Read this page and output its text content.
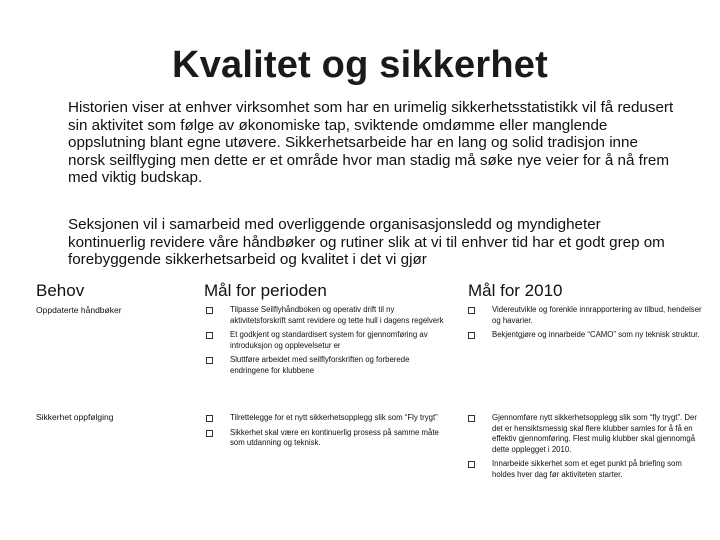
Kvalitet og sikkerhet
Historien viser at enhver virksomhet som har en urimelig sikkerhetsstatistikk vil få redusert sin aktivitet som følge av økonomiske tap, sviktende omdømme eller manglende oppslutning blant egne utøvere. Sikkerhetsarbeide har en lang og solid tradisjon inne norsk seilflyging men dette er et område hvor man stadig må søke nye veier for å nå frem med viktig budskap.
Seksjonen vil i samarbeid med overliggende organisasjonsledd og myndigheter kontinuerlig revidere våre håndbøker og rutiner slik at vi til enhver tid har et godt grep om forebyggende sikkerhetsarbeid og kvalitet i det vi gjør
Behov	Mål for perioden	Mål for 2010
Oppdaterte håndbøker
Sikkerhet oppfølging
Tilpasse Seilflyhåndboken og operativ drift til ny aktivitetsforskrift samt revidere og tette hull i dagens regelverk
Et godkjent og standardisert system for gjennomføring av introduksjon og opplevelsetur er
Sluttføre arbeidet med seilflyforskriften og forberede endringene for klubbene
Videreutvikle og forenkle innrapportering av tilbud, hendelser og havarier.
Bekjentgjøre og innarbeide “CAMO” som ny teknisk struktur.
Tilrettelegge for et nytt sikkerhetsopplegg slik som “Fly trygt”
Sikkerhet skal være en kontinuerlig prosess på samme måte som utdanning og teknisk.
Gjennomføre nytt sikkerhetsopplegg slik som “fly trygt”. Der det er hensiktsmessig skal flere klubber samles for å få en effektiv gjennomføring. Flest mulig klubber skal gjennomgå dette opplegget i 2010.
Innarbeide sikkerhet som et eget punkt på briefing som holdes hver dag før aktiviteten starter.
